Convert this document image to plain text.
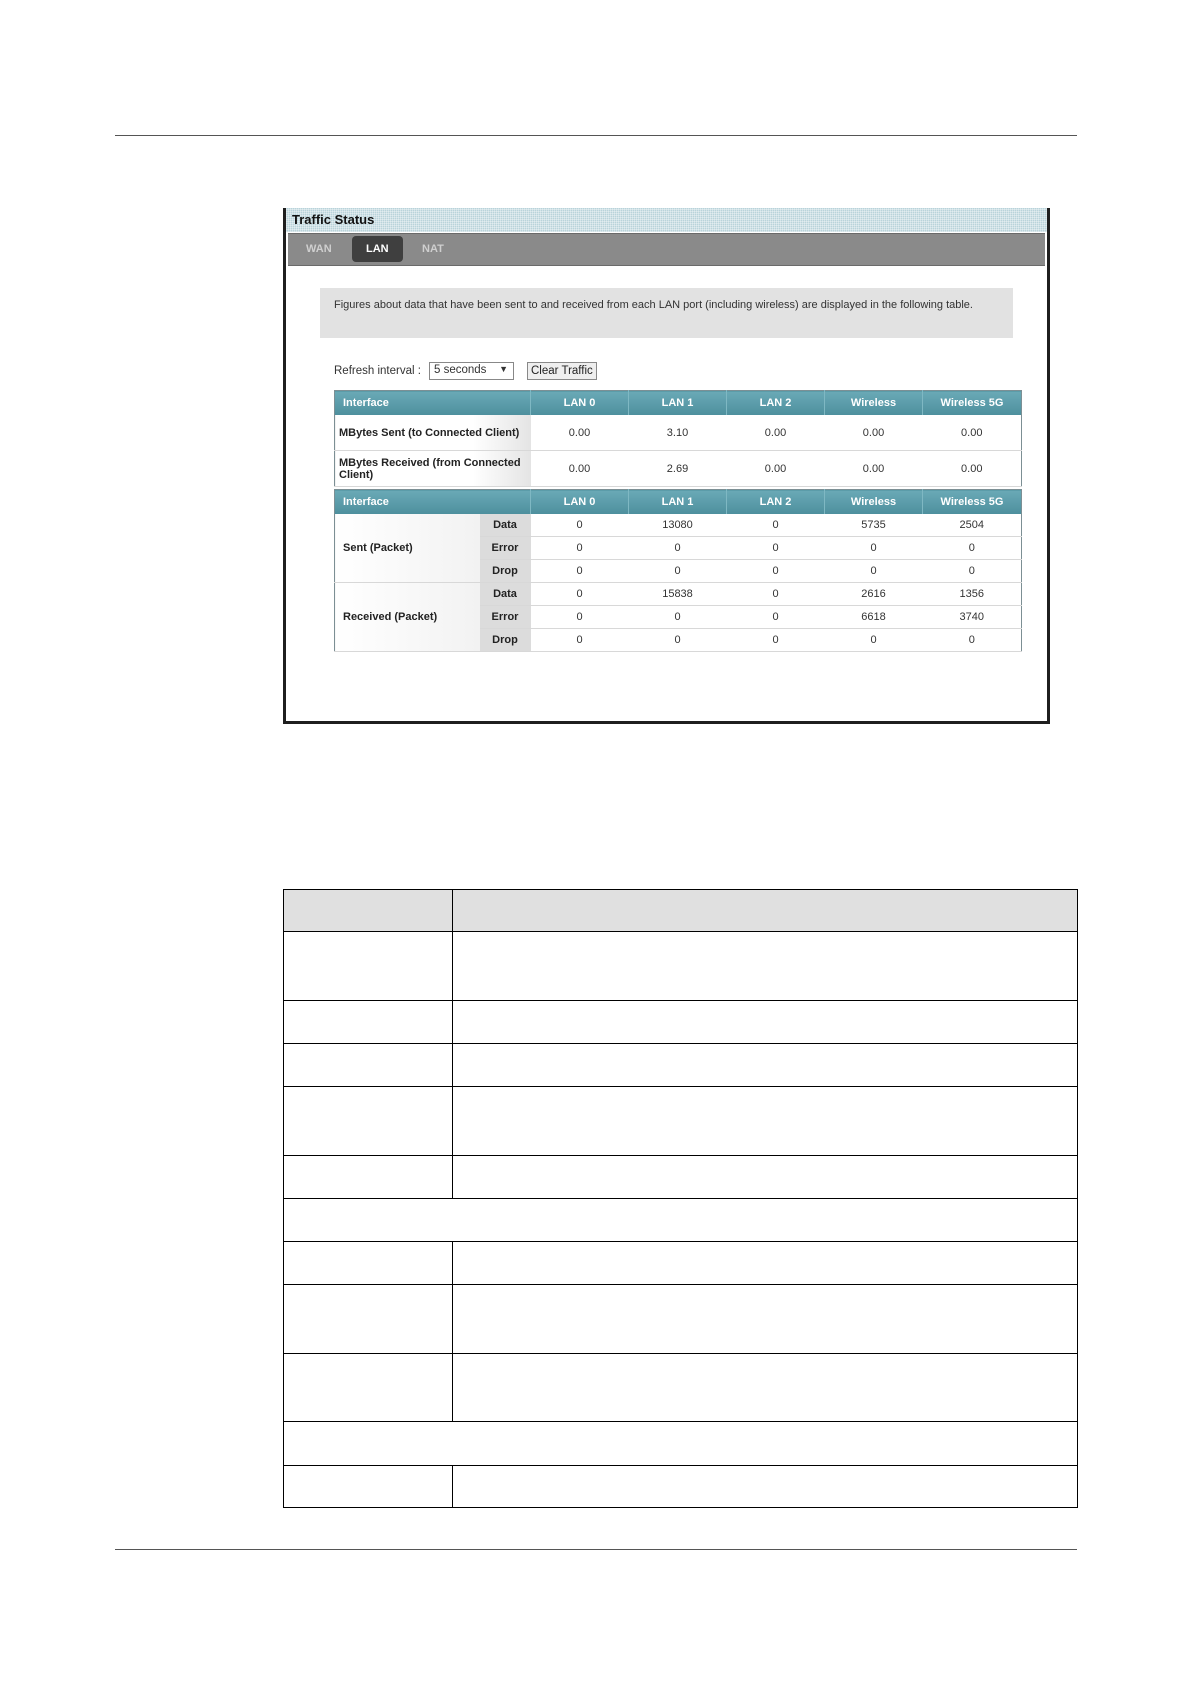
Traffic Status
WAN	LAN	NAT
Figures about data that have been sent to and received from each LAN port (including wireless) are displayed in the following table.
Refresh interval :	5 seconds ▼	Clear Traffic
Interface	LAN 0	LAN 1	LAN 2	Wireless	Wireless 5G
MBytes Sent (to Connected Client)	0.00	3.10	0.00	0.00	0.00
MBytes Received (from Connected Client)	0.00	2.69	0.00	0.00	0.00
Interface		LAN 0	LAN 1	LAN 2	Wireless	Wireless 5G
Sent (Packet)	Data	0	13080	0	5735	2504
	Error	0	0	0	0	0
	Drop	0	0	0	0	0
Received (Packet)	Data	0	15838	0	2616	1356
	Error	0	0	0	6618	3740
	Drop	0	0	0	0	0
